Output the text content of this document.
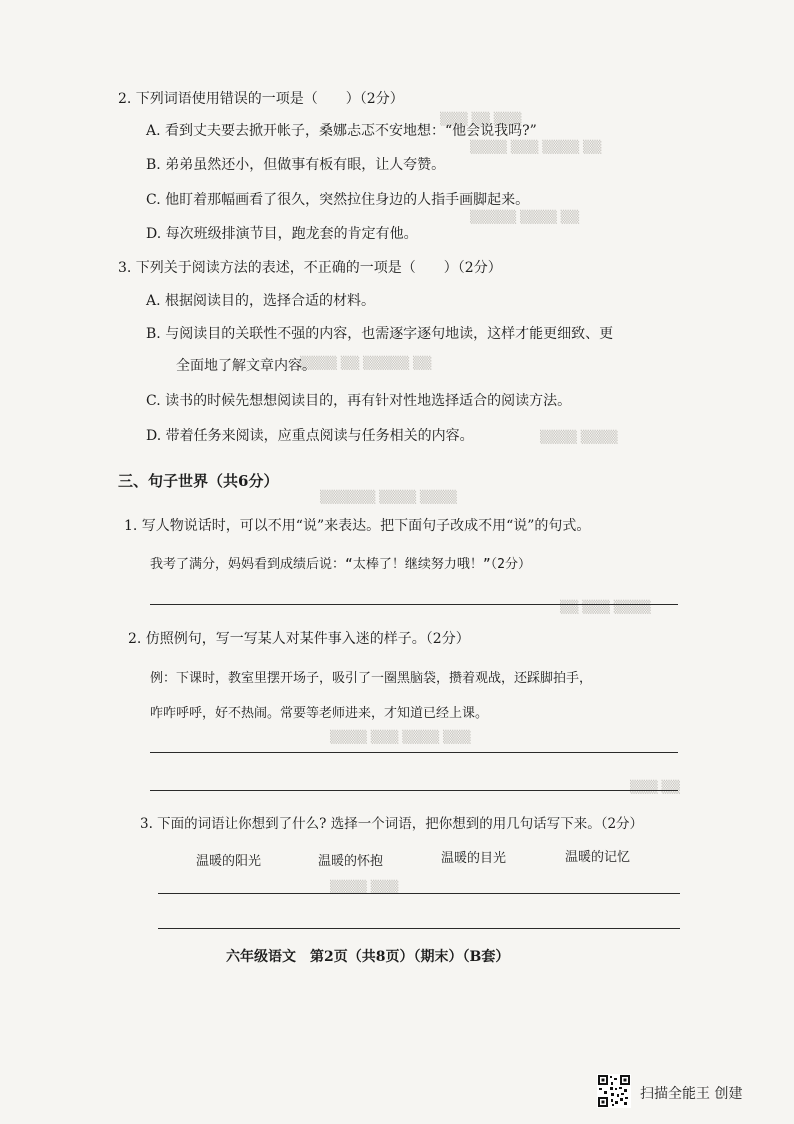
▒▒▒ ▒▒ ▒▒▒
▒▒▒▒ ▒▒▒ ▒▒▒▒ ▒▒
▒▒▒▒▒ ▒▒▒▒ ▒▒
▒▒▒▒ ▒▒ ▒▒▒▒▒ ▒▒
▒▒▒▒ ▒▒▒▒
▒▒▒▒▒▒ ▒▒▒▒ ▒▒▒▒
▒▒ ▒▒▒ ▒▒▒▒
▒▒▒▒ ▒▒▒ ▒▒▒▒ ▒▒▒
▒▒▒ ▒▒
▒▒▒▒ ▒▒▒
2. 下列词语使用错误的一项是（　　）（2分）
A. 看到丈夫要去掀开帐子，桑娜忐忑不安地想：“他会说我吗?”
B. 弟弟虽然还小，但做事有板有眼，让人夸赞。
C. 他盯着那幅画看了很久，突然拉住身边的人指手画脚起来。
D. 每次班级排演节目，跑龙套的肯定有他。
3. 下列关于阅读方法的表述，不正确的一项是（　　）（2分）
A. 根据阅读目的，选择合适的材料。
B. 与阅读目的关联性不强的内容，也需逐字逐句地读，这样才能更细致、更
全面地了解文章内容。
C. 读书的时候先想想阅读目的，再有针对性地选择适合的阅读方法。
D. 带着任务来阅读，应重点阅读与任务相关的内容。
三、句子世界（共6分）
1. 写人物说话时，可以不用“说”来表达。把下面句子改成不用“说”的句式。
我考了满分，妈妈看到成绩后说：“太棒了！继续努力哦！”（2分）
2. 仿照例句，写一写某人对某件事入迷的样子。（2分）
例：下课时，教室里摆开场子，吸引了一圈黑脑袋，攒着观战，还踩脚拍手，
咋咋呼呼，好不热闹。常要等老师进来，才知道已经上课。
3. 下面的词语让你想到了什么? 选择一个词语，把你想到的用几句话写下来。（2分）
温暖的阳光	温暖的怀抱	温暖的目光	温暖的记忆
六年级语文　第2页（共8页）（期末）（B套）
扫描全能王 创建
